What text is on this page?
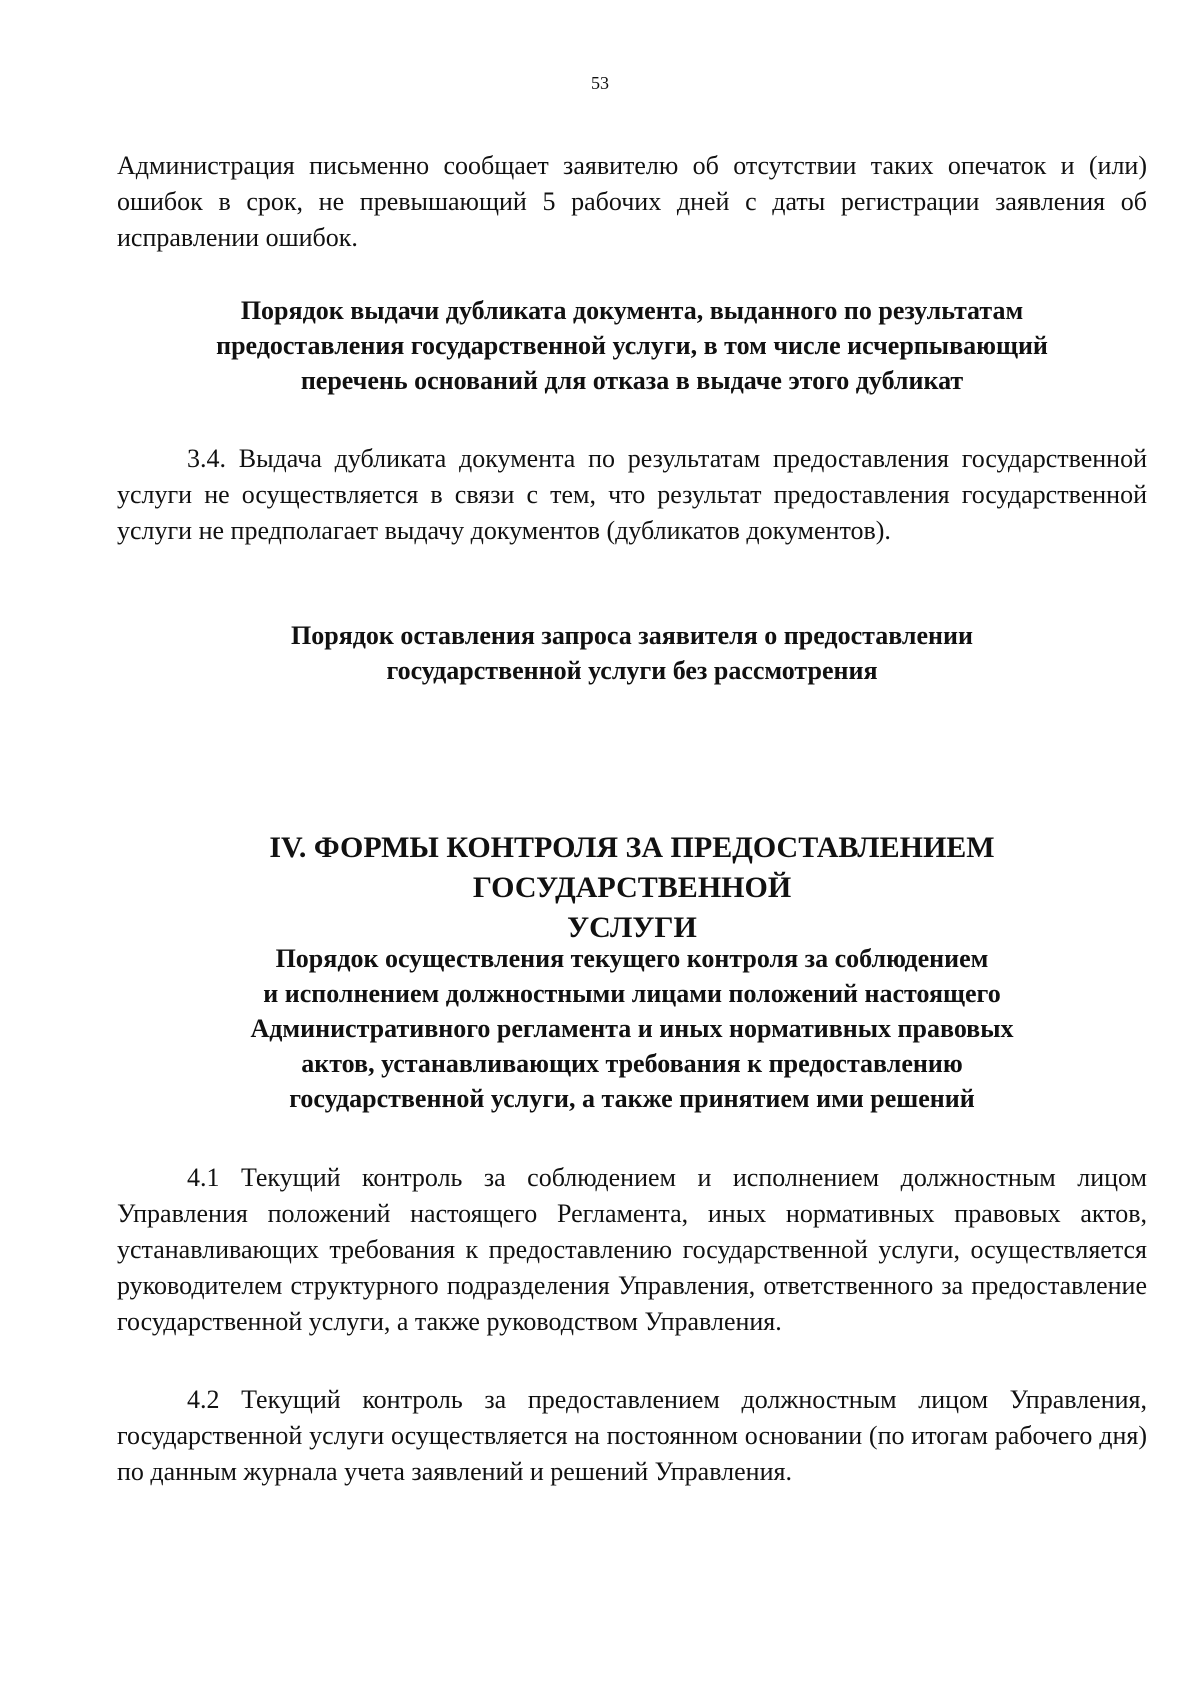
53

Администрация письменно сообщает заявителю об отсутствии таких опечаток и (или) ошибок в срок, не превышающий 5 рабочих дней с даты регистрации заявления об исправлении ошибок.

Порядок выдачи дубликата документа, выданного по результатам
предоставления государственной услуги, в том числе исчерпывающий
перечень оснований для отказа в выдаче этого дубликат

3.4. Выдача дубликата документа по результатам предоставления государственной услуги не осуществляется в связи с тем, что результат предоставления государственной услуги не предполагает выдачу документов (дубликатов документов).

Порядок оставления запроса заявителя о предоставлении
государственной услуги без рассмотрения
IV. ФОРМЫ КОНТРОЛЯ ЗА ПРЕДОСТАВЛЕНИЕМ ГОСУДАРСТВЕННОЙ
УСЛУГИ
Порядок осуществления текущего контроля за соблюдением
и исполнением должностными лицами положений настоящего
Административного регламента и иных нормативных правовых
актов, устанавливающих требования к предоставлению
государственной услуги, а также принятием ими решений

4.1 Текущий контроль за соблюдением и исполнением должностным лицом Управления положений настоящего Регламента, иных нормативных правовых актов, устанавливающих требования к предоставлению государственной услуги, осуществляется руководителем структурного подразделения Управления, ответственного за предоставление государственной услуги, а также руководством Управления.

4.2 Текущий контроль за предоставлением должностным лицом Управления, государственной услуги осуществляется на постоянном основании (по итогам рабочего дня) по данным журнала учета заявлений и решений Управления.
